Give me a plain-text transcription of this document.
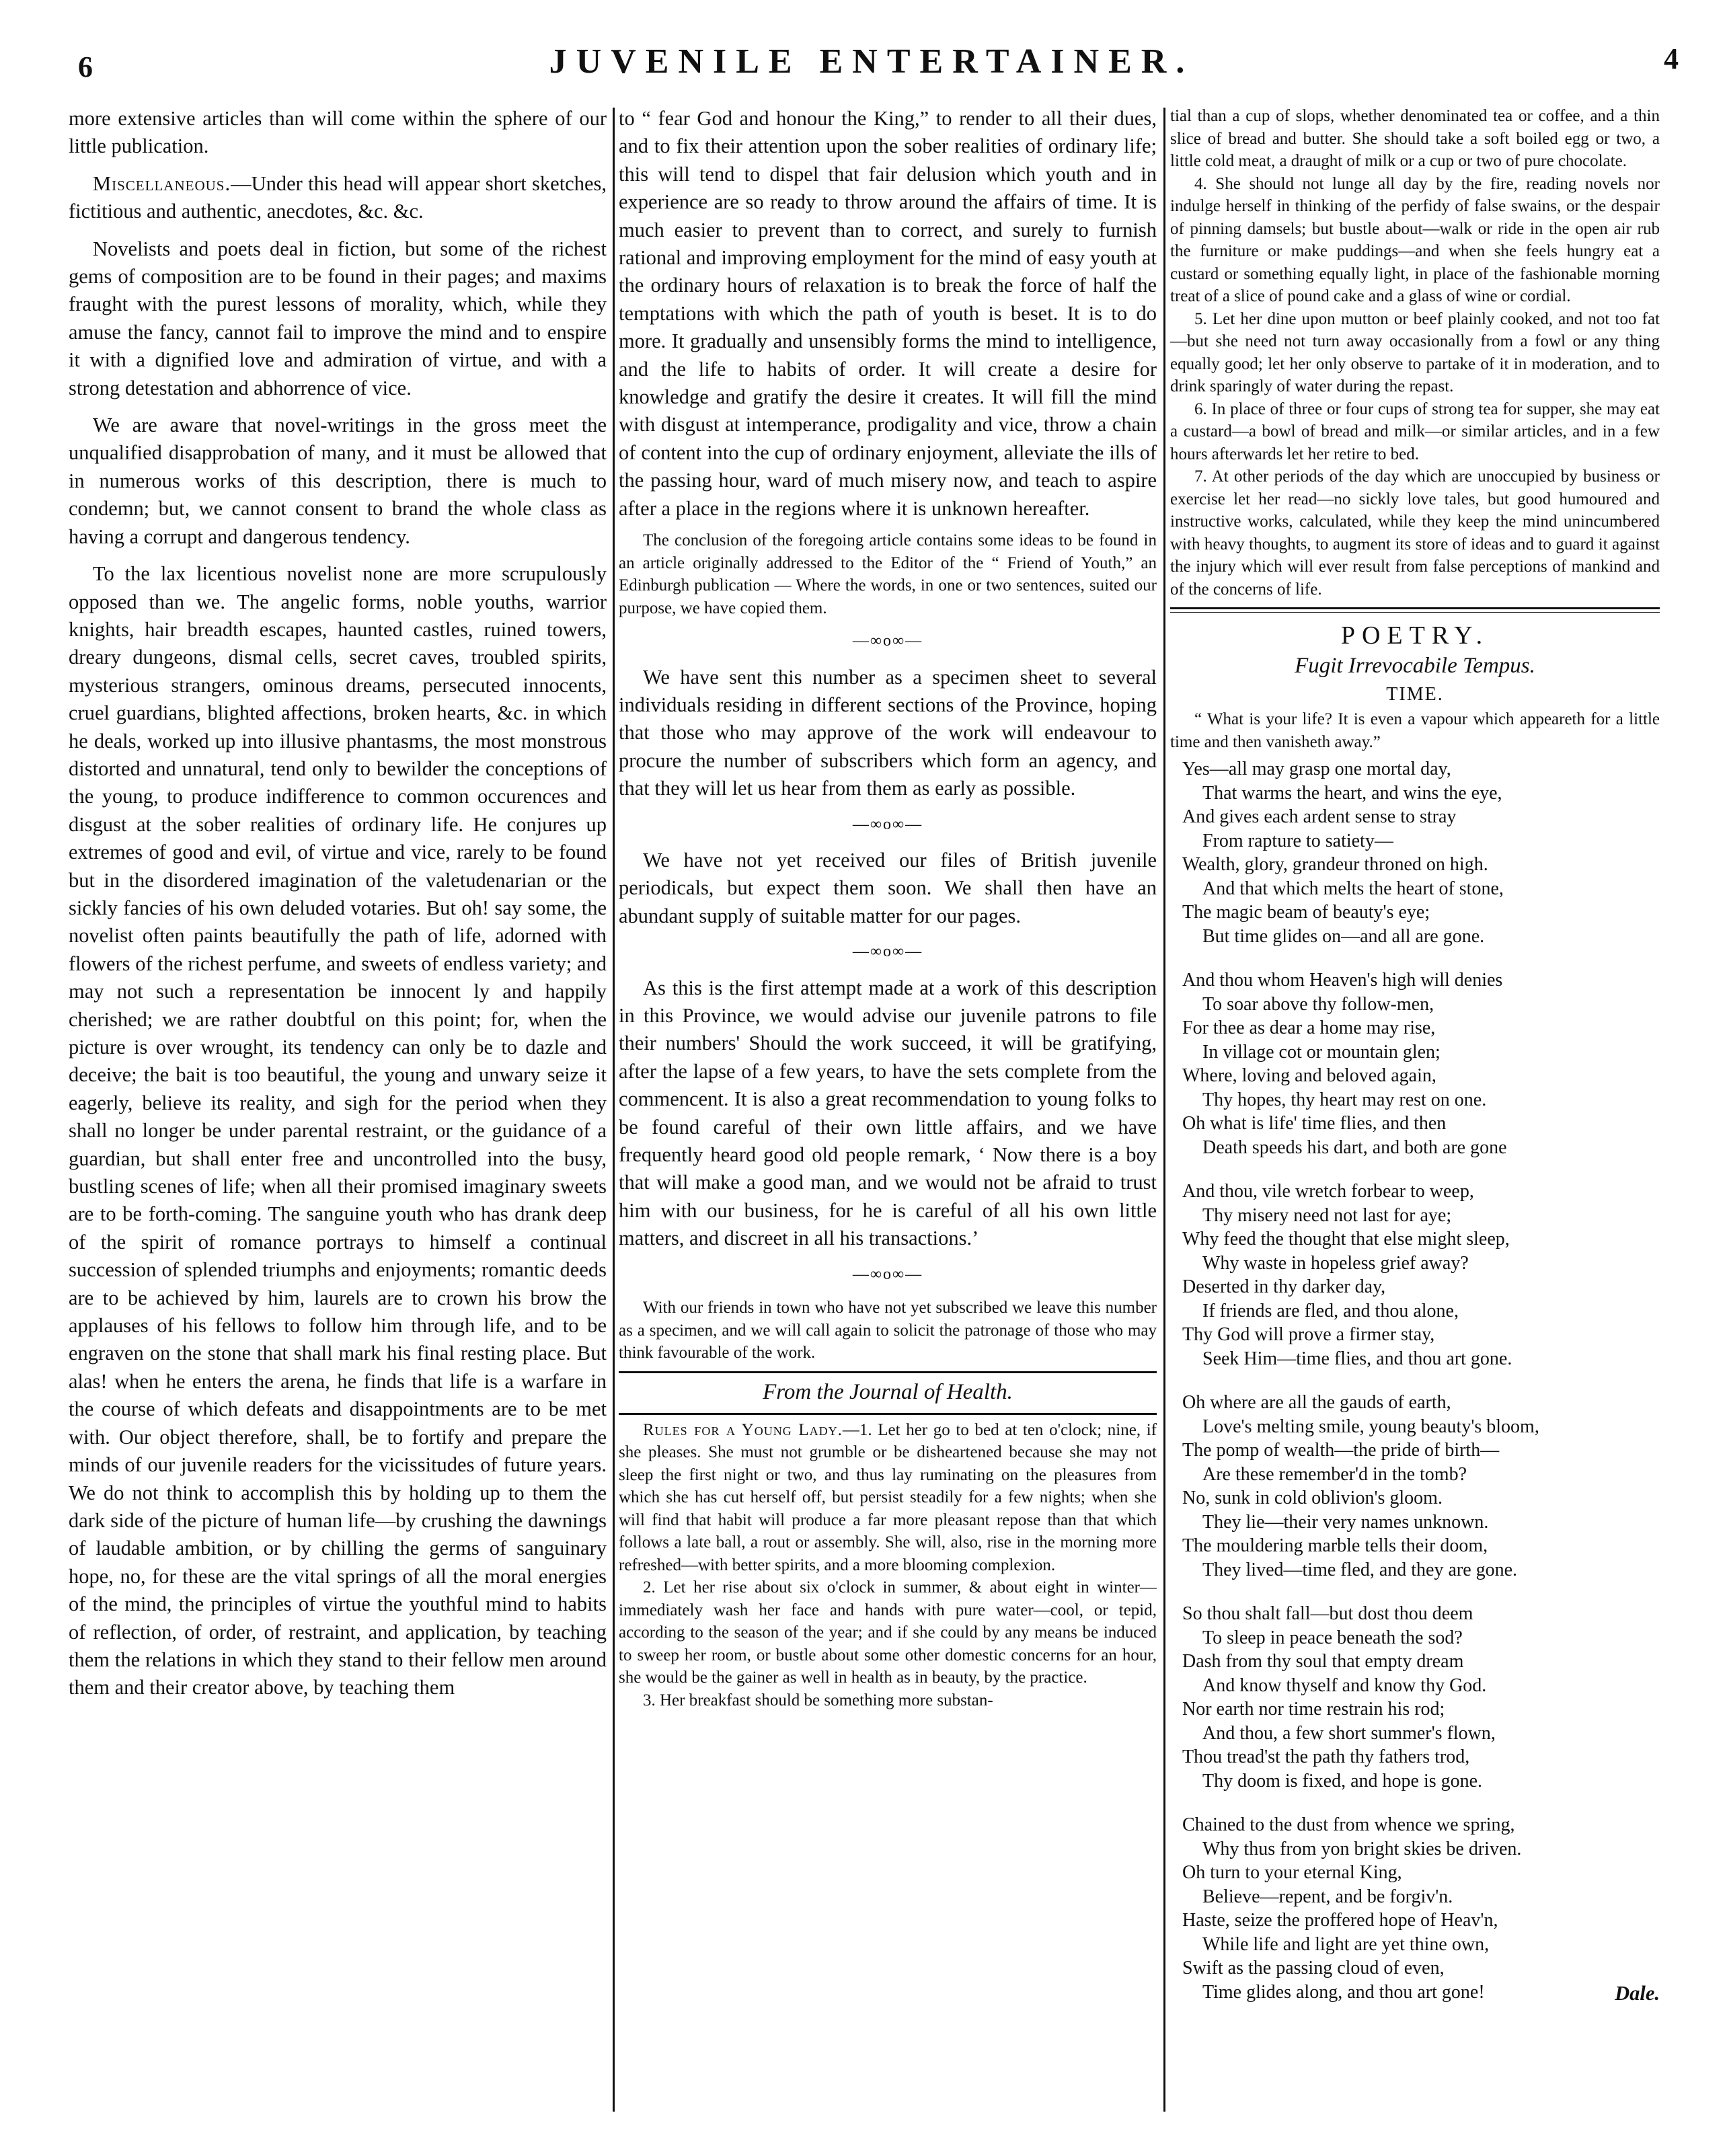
6	JUVENILE ENTERTAINER.	4

more extensive articles than will come within the sphere of our little publication.

Miscellaneous.—Under this head will appear short sketches, fictitious and authentic, anecdotes, &c. &c.

Novelists and poets deal in fiction, but some of the richest gems of composition are to be found in their pages; and maxims fraught with the purest lessons of morality, which, while they amuse the fancy, cannot fail to improve the mind and to enspire it with a dignified love and admiration of virtue, and with a strong detestation and abhorrence of vice.

We are aware that novel-writings in the gross meet the unqualified disapprobation of many, and it must be allowed that in numerous works of this description, there is much to condemn; but, we cannot consent to brand the whole class as having a corrupt and dangerous tendency.

To the lax licentious novelist none are more scrupulously opposed than we. The angelic forms, noble youths, warrior knights, hair breadth escapes, haunted castles, ruined towers, dreary dungeons, dismal cells, secret caves, troubled spirits, mysterious strangers, ominous dreams, persecuted innocents, cruel guardians, blighted affections, broken hearts, &c. in which he deals, worked up into illusive phantasms, the most monstrous distorted and unnatural, tend only to bewilder the conceptions of the young, to produce indifference to common occurences and disgust at the sober realities of ordinary life. He conjures up extremes of good and evil, of virtue and vice, rarely to be found but in the disordered imagination of the valetudenarian or the sickly fancies of his own deluded votaries. But oh! say some, the novelist often paints beautifully the path of life, adorned with flowers of the richest perfume, and sweets of endless variety; and may not such a representation be innocent ly and happily cherished; we are rather doubtful on this point; for, when the picture is over wrought, its tendency can only be to dazle and deceive; the bait is too beautiful, the young and unwary seize it eagerly, believe its reality, and sigh for the period when they shall no longer be under parental restraint, or the guidance of a guardian, but shall enter free and uncontrolled into the busy, bustling scenes of life; when all their promised imaginary sweets are to be forth-coming. The sanguine youth who has drank deep of the spirit of romance portrays to himself a continual succession of splended triumphs and enjoyments; romantic deeds are to be achieved by him, laurels are to crown his brow the applauses of his fellows to follow him through life, and to be engraven on the stone that shall mark his final resting place. But alas! when he enters the arena, he finds that life is a warfare in the course of which defeats and disappointments are to be met with. Our object therefore, shall, be to fortify and prepare the minds of our juvenile readers for the vicissitudes of future years. We do not think to accomplish this by holding up to them the dark side of the picture of human life—by crushing the dawnings of laudable ambition, or by chilling the germs of sanguinary hope, no, for these are the vital springs of all the moral energies of the mind, the principles of virtue the youthful mind to habits of reflection, of order, of restraint, and application, by teaching them the relations in which they stand to their fellow men around them and their creator above, by teaching them

to “ fear God and honour the King,” to render to all their dues, and to fix their attention upon the sober realities of ordinary life; this will tend to dispel that fair delusion which youth and in experience are so ready to throw around the affairs of time. It is much easier to prevent than to correct, and surely to furnish rational and improving employment for the mind of easy youth at the ordinary hours of relaxation is to break the force of half the temptations with which the path of youth is beset. It is to do more. It gradually and unsensibly forms the mind to intelligence, and the life to habits of order. It will create a desire for knowledge and gratify the desire it creates. It will fill the mind with disgust at intemperance, prodigality and vice, throw a chain of content into the cup of ordinary enjoyment, alleviate the ills of the passing hour, ward of much misery now, and teach to aspire after a place in the regions where it is unknown hereafter.

The conclusion of the foregoing article contains some ideas to be found in an article originally addressed to the Editor of the “ Friend of Youth,” an Edinburgh publication — Where the words, in one or two sentences, suited our purpose, we have copied them.

—∞o∞—

We have sent this number as a specimen sheet to several individuals residing in different sections of the Province, hoping that those who may approve of the work will endeavour to procure the number of subscribers which form an agency, and that they will let us hear from them as early as possible.

—∞o∞—

We have not yet received our files of British juvenile periodicals, but expect them soon. We shall then have an abundant supply of suitable matter for our pages.

—∞o∞—

As this is the first attempt made at a work of this description in this Province, we would advise our juvenile patrons to file their numbers' Should the work succeed, it will be gratifying, after the lapse of a few years, to have the sets complete from the commencent. It is also a great recommendation to young folks to be found careful of their own little affairs, and we have frequently heard good old people remark, ‘ Now there is a boy that will make a good man, and we would not be afraid to trust him with our business, for he is careful of all his own little matters, and discreet in all his transactions.’

—∞o∞—

With our friends in town who have not yet subscribed we leave this number as a specimen, and we will call again to solicit the patronage of those who may think favourable of the work.

From the Journal of Health.

Rules for a Young Lady.—1. Let her go to bed at ten o'clock; nine, if she pleases. She must not grumble or be disheartened because she may not sleep the first night or two, and thus lay ruminating on the pleasures from which she has cut herself off, but persist steadily for a few nights; when she will find that habit will produce a far more pleasant repose than that which follows a late ball, a rout or assembly. She will, also, rise in the morning more refreshed—with better spirits, and a more blooming complexion.

2. Let her rise about six o'clock in summer, & about eight in winter—immediately wash her face and hands with pure water—cool, or tepid, according to the season of the year; and if she could by any means be induced to sweep her room, or bustle about some other domestic concerns for an hour, she would be the gainer as well in health as in beauty, by the practice.

3. Her breakfast should be something more substan-

tial than a cup of slops, whether denominated tea or coffee, and a thin slice of bread and butter. She should take a soft boiled egg or two, a little cold meat, a draught of milk or a cup or two of pure chocolate.

4. She should not lunge all day by the fire, reading novels nor indulge herself in thinking of the perfidy of false swains, or the despair of pinning damsels; but bustle about—walk or ride in the open air rub the furniture or make puddings—and when she feels hungry eat a custard or something equally light, in place of the fashionable morning treat of a slice of pound cake and a glass of wine or cordial.

5. Let her dine upon mutton or beef plainly cooked, and not too fat—but she need not turn away occasionally from a fowl or any thing equally good; let her only observe to partake of it in moderation, and to drink sparingly of water during the repast.

6. In place of three or four cups of strong tea for supper, she may eat a custard—a bowl of bread and milk—or similar articles, and in a few hours afterwards let her retire to bed.

7. At other periods of the day which are unoccupied by business or exercise let her read—no sickly love tales, but good humoured and instructive works, calculated, while they keep the mind unincumbered with heavy thoughts, to augment its store of ideas and to guard it against the injury which will ever result from false perceptions of mankind and of the concerns of life.

POETRY.
Fugit Irrevocabile Tempus.
TIME.

“ What is your life? It is even a vapour which appeareth for a little time and then vanisheth away.”

Yes—all may grasp one mortal day,
That warms the heart, and wins the eye,
And gives each ardent sense to stray
From rapture to satiety—
Wealth, glory, grandeur throned on high.
And that which melts the heart of stone,
The magic beam of beauty's eye;
But time glides on—and all are gone.
And thou whom Heaven's high will denies
To soar above thy follow-men,
For thee as dear a home may rise,
In village cot or mountain glen;
Where, loving and beloved again,
Thy hopes, thy heart may rest on one.
Oh what is life' time flies, and then
Death speeds his dart, and both are gone
And thou, vile wretch forbear to weep,
Thy misery need not last for aye;
Why feed the thought that else might sleep,
Why waste in hopeless grief away?
Deserted in thy darker day,
If friends are fled, and thou alone,
Thy God will prove a firmer stay,
Seek Him—time flies, and thou art gone.
Oh where are all the gauds of earth,
Love's melting smile, young beauty's bloom,
The pomp of wealth—the pride of birth—
Are these remember'd in the tomb?
No, sunk in cold oblivion's gloom.
They lie—their very names unknown.
The mouldering marble tells their doom,
They lived—time fled, and they are gone.
So thou shalt fall—but dost thou deem
To sleep in peace beneath the sod?
Dash from thy soul that empty dream
And know thyself and know thy God.
Nor earth nor time restrain his rod;
And thou, a few short summer's flown,
Thou tread'st the path thy fathers trod,
Thy doom is fixed, and hope is gone.
Chained to the dust from whence we spring,
Why thus from yon bright skies be driven.
Oh turn to your eternal King,
Believe—repent, and be forgiv'n.
Haste, seize the proffered hope of Heav'n,
While life and light are yet thine own,
Swift as the passing cloud of even,
Time glides along, and thou art gone!	Dale.
